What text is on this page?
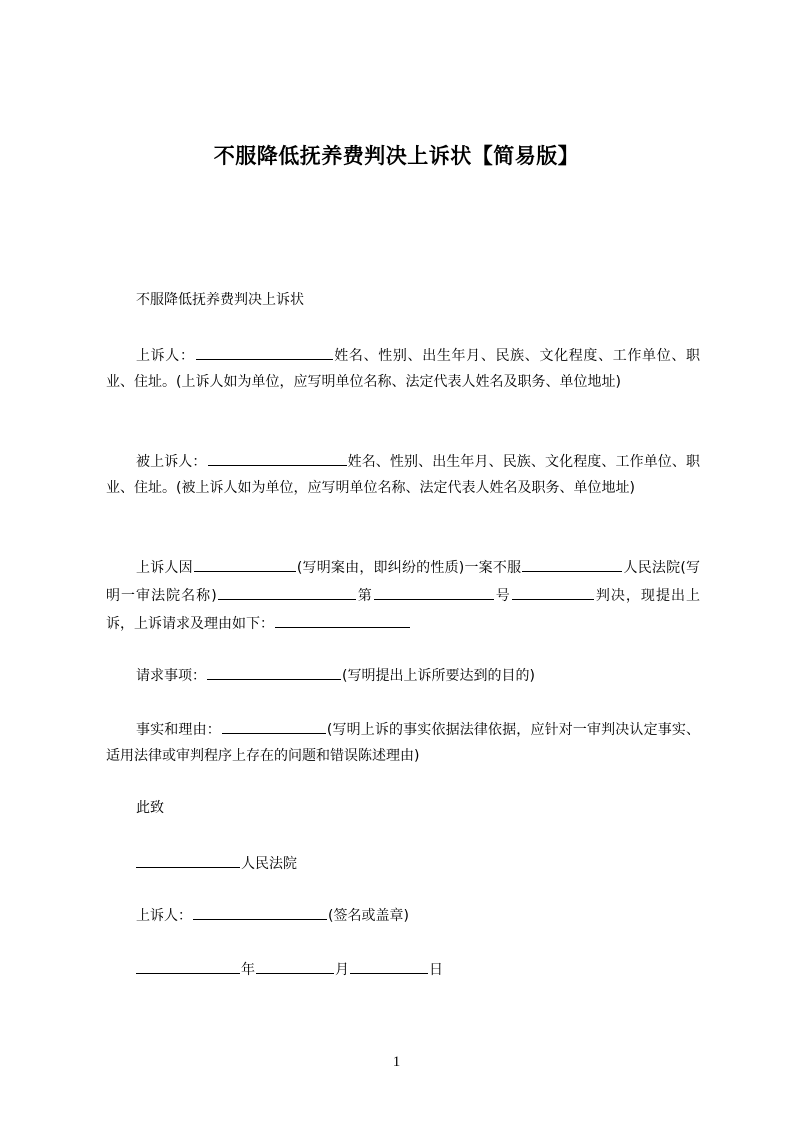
不服降低抚养费判决上诉状【简易版】
不服降低抚养费判决上诉状
上诉人：	姓名、性别、出生年月、民族、文化程度、工作单位、职业、住址。(上诉人如为单位，应写明单位名称、法定代表人姓名及职务、单位地址)
被上诉人：	姓名、性别、出生年月、民族、文化程度、工作单位、职业、住址。(被上诉人如为单位，应写明单位名称、法定代表人姓名及职务、单位地址)
上诉人因	(写明案由，即纠纷的性质)一案不服	人民法院(写明一审法院名称)	第	号	判决，现提出上诉，上诉请求及理由如下：
请求事项：	(写明提出上诉所要达到的目的)
事实和理由：	(写明上诉的事实依据法律依据，应针对一审判决认定事实、适用法律或审判程序上存在的问题和错误陈述理由)
此致
人民法院
上诉人：	(签名或盖章)
年	月	日
1
